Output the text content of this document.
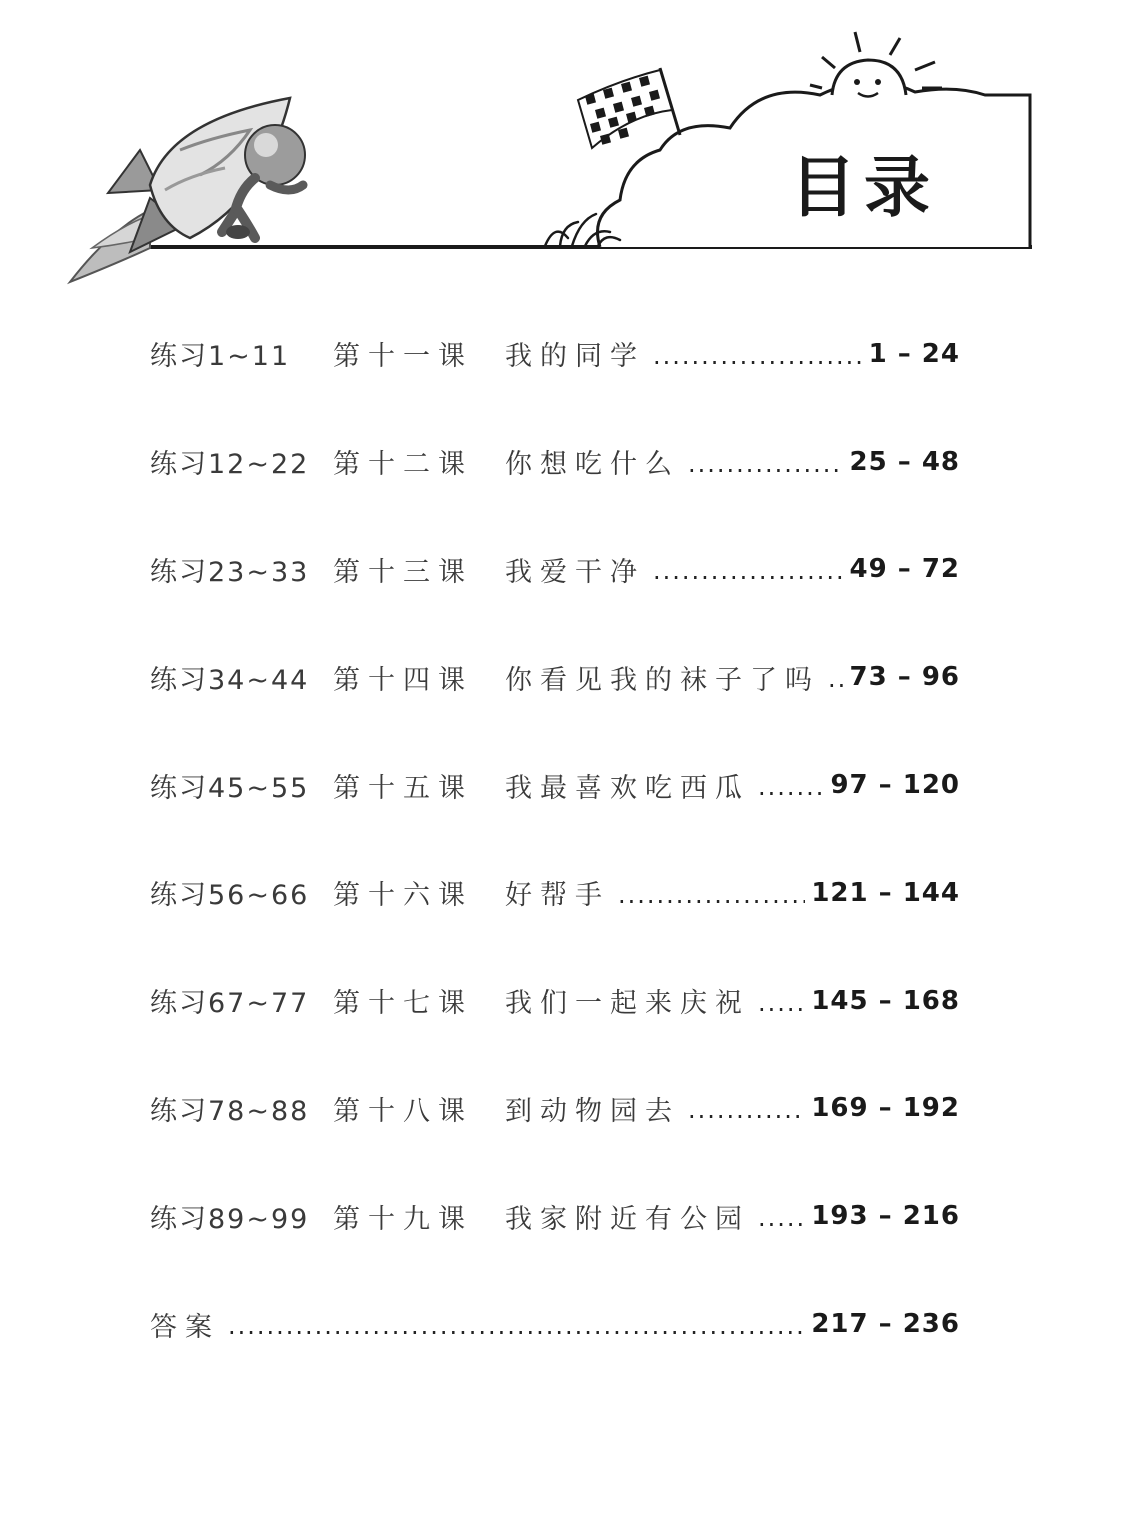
目录
练习1~11	第十一课	我的同学 .....	1 – 24
练习12~22 第十二课	你想吃什么 .....	25 – 48
练习23~33 第十三课	我爱干净 .....	49 – 72
练习34~44 第十四课	你看见我的袜子了吗 .....	73 – 96
练习45~55 第十五课	我最喜欢吃西瓜 .....	97 – 120
练习56~66 第十六课	好帮手 .....	121 – 144
练习67~77 第十七课	我们一起来庆祝 .....	145 – 168
练习78~88 第十八课	到动物园去 .....	169 – 192
练习89~99 第十九课	我家附近有公园 .....	193 – 216
答案 .....	217 – 236
